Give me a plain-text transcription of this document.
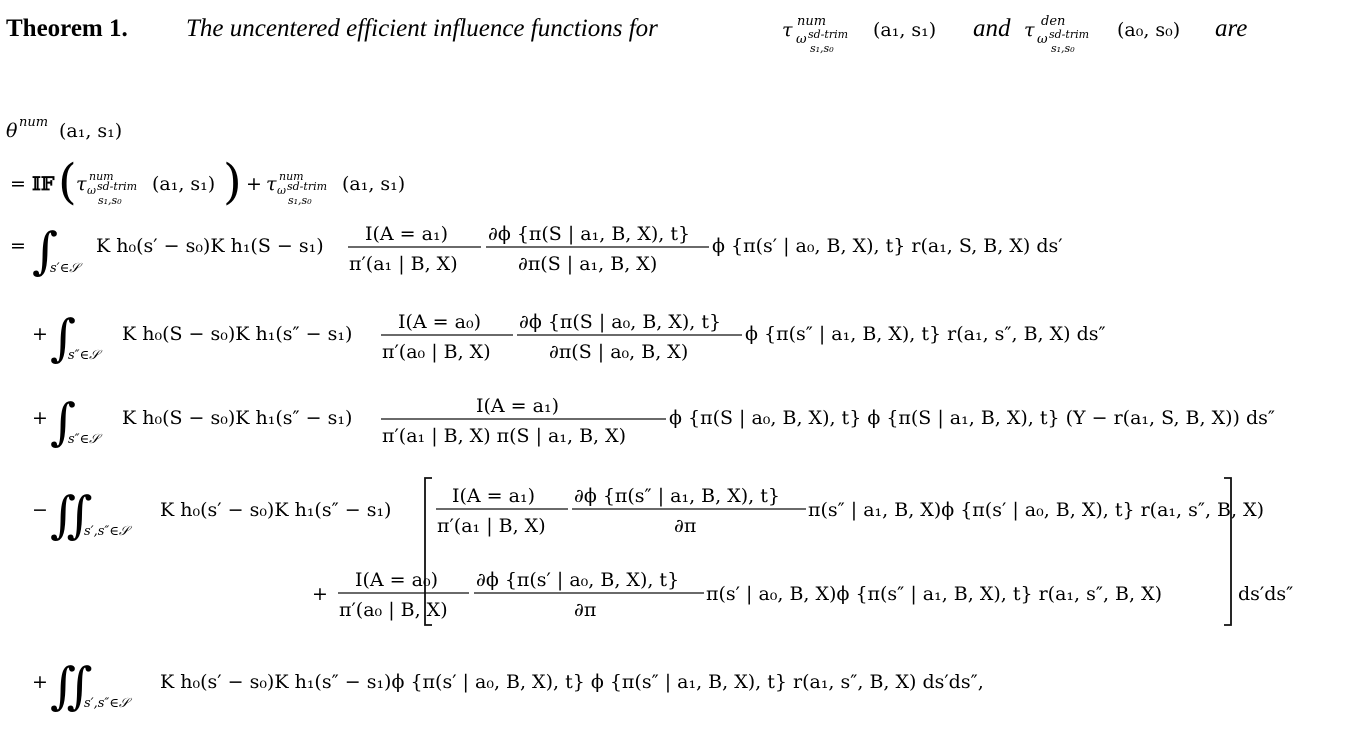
Theorem 1. The uncentered efficient influence functions for	τ num
ω sd-trim
s₁,s₀
(a₁, s₁) and τ den
ω sd-trim
s₁,s₀
(a₀, s₀) are
θ num (a₁, s₁)
= 𝕀𝔽 ( τ num
ω sd-trim
s₁,s₀
(a₁, s₁) ) + τ num
ω sd-trim
s₁,s₀
(a₁, s₁)
= ∫
s′∈𝒮
K h₀(s′ − s₀)K h₁(S − s₁)
I(A = a₁)
π′(a₁ | B, X)
∂ϕ {π(S | a₁, B, X), t}
∂π(S | a₁, B, X)
ϕ {π(s′ | a₀, B, X), t} r(a₁, S, B, X) ds′
+ ∫
s″∈𝒮
K h₀(S − s₀)K h₁(s″ − s₁)
I(A = a₀)
π′(a₀ | B, X)
∂ϕ {π(S | a₀, B, X), t}
∂π(S | a₀, B, X)
ϕ {π(s″ | a₁, B, X), t} r(a₁, s″, B, X) ds″
+ ∫
s″∈𝒮
K h₀(S − s₀)K h₁(s″ − s₁)
I(A = a₁)
π′(a₁ | B, X) π(S | a₁, B, X)
ϕ {π(S | a₀, B, X), t} ϕ {π(S | a₁, B, X), t} (Y − r(a₁, S, B, X)) ds″
− ∬
s′,s″∈𝒮
K h₀(s′ − s₀)K h₁(s″ − s₁)
I(A = a₁)
π′(a₁ | B, X)
∂ϕ {π(s″ | a₁, B, X), t}
∂π
π(s″ | a₁, B, X)ϕ {π(s′ | a₀, B, X), t} r(a₁, s″, B, X)
+
I(A = a₀)
π′(a₀ | B, X)
∂ϕ {π(s′ | a₀, B, X), t}
∂π
π(s′ | a₀, B, X)ϕ {π(s″ | a₁, B, X), t} r(a₁, s″, B, X)	ds′ds″
+ ∬
s′,s″∈𝒮
K h₀(s′ − s₀)K h₁(s″ − s₁)ϕ {π(s′ | a₀, B, X), t} ϕ {π(s″ | a₁, B, X), t} r(a₁, s″, B, X) ds′ds″,
